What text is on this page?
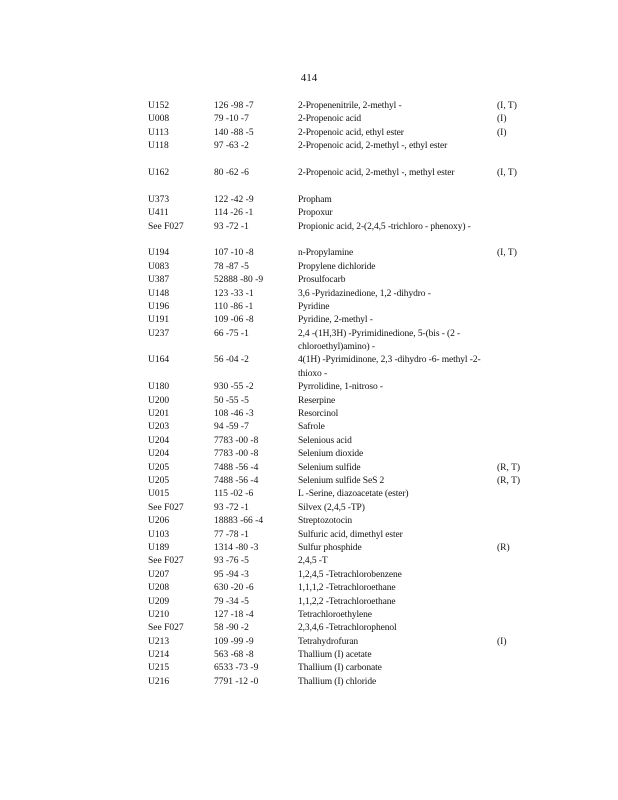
414
U152	126 -98 -7	2-Propenenitrile, 2-methyl -	(I, T)
U008	79 -10 -7	2-Propenoic acid	(I)
U113	140 -88 -5	2-Propenoic acid, ethyl ester	(I)
U118	97 -63 -2	2-Propenoic acid, 2-methyl -, ethyl ester
U162	80 -62 -6	2-Propenoic acid, 2-methyl -, methyl ester	(I, T)
U373	122 -42 -9	Propham
U411	114 -26 -1	Propoxur
See F027	93 -72 -1	Propionic acid, 2-(2,4,5 -trichloro - phenoxy) -
U194	107 -10 -8	n-Propylamine	(I, T)
U083	78 -87 -5	Propylene dichloride
U387	52888 -80 -9	Prosulfocarb
U148	123 -33 -1	3,6 -Pyridazinedione, 1,2 -dihydro -
U196	110 -86 -1	Pyridine
U191	109 -06 -8	Pyridine, 2-methyl -
U237	66 -75 -1	2,4 -(1H,3H) -Pyrimidinedione, 5-(bis - (2 -chloroethyl)amino) -
U164	56 -04 -2	4(1H) -Pyrimidinone, 2,3 -dihydro -6- methyl -2-thioxo -
U180	930 -55 -2	Pyrrolidine, 1-nitroso -
U200	50 -55 -5	Reserpine
U201	108 -46 -3	Resorcinol
U203	94 -59 -7	Safrole
U204	7783 -00 -8	Selenious acid
U204	7783 -00 -8	Selenium dioxide
U205	7488 -56 -4	Selenium sulfide	(R, T)
U205	7488 -56 -4	Selenium sulfide SeS 2	(R, T)
U015	115 -02 -6	L -Serine, diazoacetate (ester)
See F027	93 -72 -1	Silvex (2,4,5 -TP)
U206	18883 -66 -4	Streptozotocin
U103	77 -78 -1	Sulfuric acid, dimethyl ester
U189	1314 -80 -3	Sulfur phosphide	(R)
See F027	93 -76 -5	2,4,5 -T
U207	95 -94 -3	1,2,4,5 -Tetrachlorobenzene
U208	630 -20 -6	1,1,1,2 -Tetrachloroethane
U209	79 -34 -5	1,1,2,2 -Tetrachloroethane
U210	127 -18 -4	Tetrachloroethylene
See F027	58 -90 -2	2,3,4,6 -Tetrachlorophenol
U213	109 -99 -9	Tetrahydrofuran	(I)
U214	563 -68 -8	Thallium (I) acetate
U215	6533 -73 -9	Thallium (I) carbonate
U216	7791 -12 -0	Thallium (I) chloride
